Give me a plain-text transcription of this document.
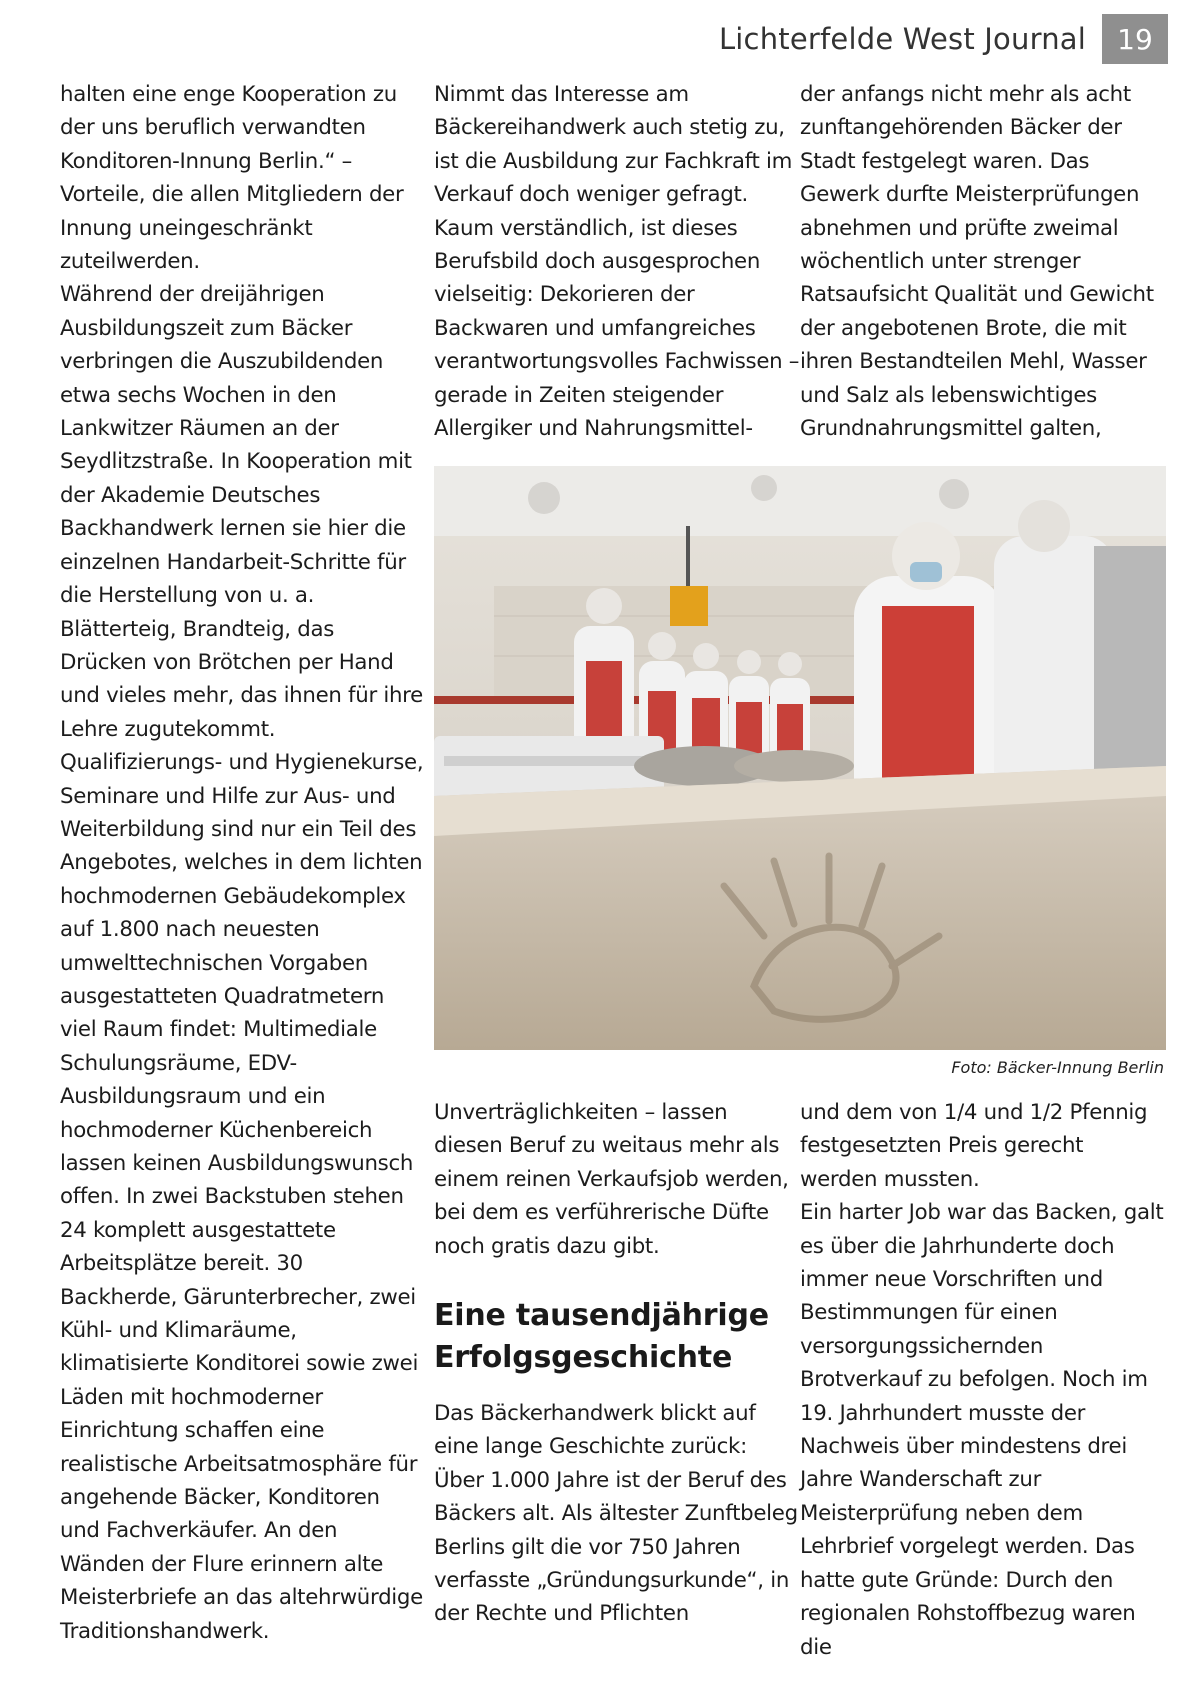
Lichterfelde West Journal	19

halten eine enge Kooperation zu der uns beruflich verwandten Konditoren-Innung Berlin.“ – Vorteile, die allen Mitgliedern der Innung uneingeschränkt zuteilwerden.

Während der dreijährigen Ausbildungszeit zum Bäcker verbringen die Auszubildenden etwa sechs Wochen in den Lankwitzer Räumen an der Seydlitzstraße. In Kooperation mit der Akademie Deutsches Backhandwerk lernen sie hier die einzelnen Handarbeit-Schritte für die Herstellung von u. a. Blätterteig, Brandteig, das Drücken von Brötchen per Hand und vieles mehr, das ihnen für ihre Lehre zugutekommt. Qualifizierungs- und Hygienekurse, Seminare und Hilfe zur Aus- und Weiterbildung sind nur ein Teil des Angebotes, welches in dem lichten hochmodernen Gebäudekomplex auf 1.800 nach neuesten umwelttechnischen Vorgaben ausgestatteten Quadratmetern viel Raum findet: Multimediale Schulungsräume, EDV-Ausbildungsraum und ein hochmoderner Küchenbereich lassen keinen Ausbildungswunsch offen. In zwei Backstuben stehen 24 komplett ausgestattete Arbeitsplätze bereit. 30 Backherde, Gärunterbrecher, zwei Kühl- und Klimaräume, klimatisierte Konditorei sowie zwei Läden mit hochmoderner Einrichtung schaffen eine realistische Arbeitsatmosphäre für angehende Bäcker, Konditoren und Fachverkäufer. An den Wänden der Flure erinnern alte Meisterbriefe an das altehrwürdige Traditionshandwerk.

Nimmt das Interesse am Bäckereihandwerk auch stetig zu, ist die Ausbildung zur Fachkraft im Verkauf doch weniger gefragt. Kaum verständlich, ist dieses Berufsbild doch ausgesprochen vielseitig: Dekorieren der Backwaren und umfangreiches verantwortungsvolles Fachwissen – gerade in Zeiten steigender Allergiker und Nahrungsmittel-

der anfangs nicht mehr als acht zunftangehörenden Bäcker der Stadt festgelegt waren. Das Gewerk durfte Meisterprüfungen abnehmen und prüfte zweimal wöchentlich unter strenger Ratsaufsicht Qualität und Gewicht der angebotenen Brote, die mit ihren Bestandteilen Mehl, Wasser und Salz als lebenswichtiges Grundnahrungsmittel galten,

Foto: Bäcker-Innung Berlin

Unverträglichkeiten – lassen diesen Beruf zu weitaus mehr als einem reinen Verkaufsjob werden, bei dem es verführerische Düfte noch gratis dazu gibt.

Eine tausendjährige Erfolgsgeschichte

Das Bäckerhandwerk blickt auf eine lange Geschichte zurück: Über 1.000 Jahre ist der Beruf des Bäckers alt. Als ältester Zunftbeleg Berlins gilt die vor 750 Jahren verfasste „Gründungsurkunde“, in der Rechte und Pflichten

und dem von 1/4 und 1/2 Pfennig festgesetzten Preis gerecht werden mussten.

Ein harter Job war das Backen, galt es über die Jahrhunderte doch immer neue Vorschriften und Bestimmungen für einen versorgungssichernden Brotverkauf zu befolgen. Noch im 19. Jahrhundert musste der Nachweis über mindestens drei Jahre Wanderschaft zur Meisterprüfung neben dem Lehrbrief vorgelegt werden. Das hatte gute Gründe: Durch den regionalen Rohstoffbezug waren die
